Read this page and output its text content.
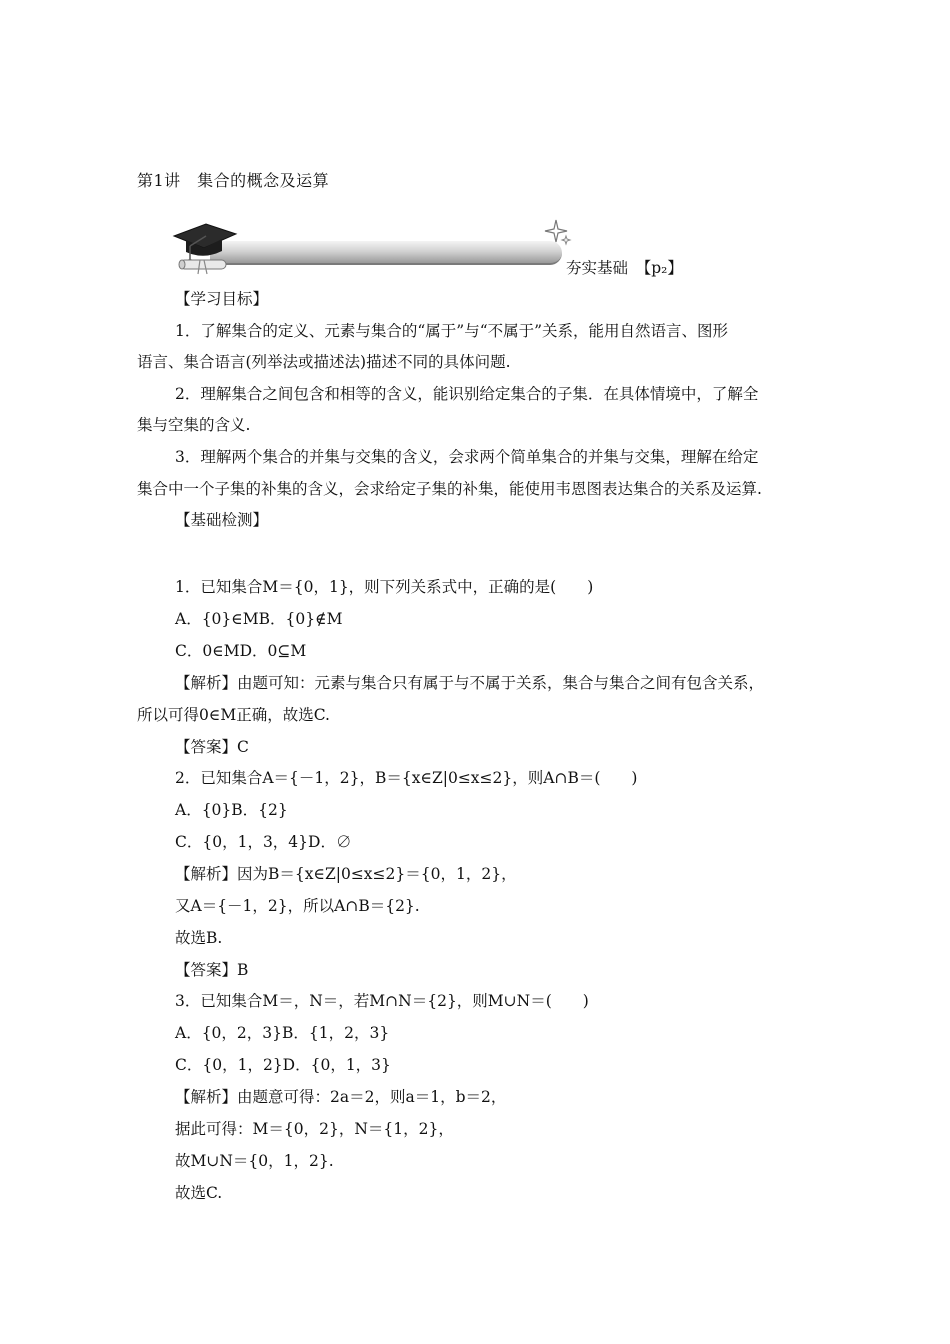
第1讲　集合的概念及运算
夯实基础　【p₂】
【学习目标】
1．了解集合的定义、元素与集合的“属于”与“不属于”关系，能用自然语言、图形
语言、集合语言(列举法或描述法)描述不同的具体问题.
2．理解集合之间包含和相等的含义，能识别给定集合的子集．在具体情境中，了解全
集与空集的含义.
3．理解两个集合的并集与交集的含义，会求两个简单集合的并集与交集，理解在给定
集合中一个子集的补集的含义，会求给定子集的补集，能使用韦恩图表达集合的关系及运算.
【基础检测】
1．已知集合M＝{0，1}，则下列关系式中，正确的是(　　)
A．{0}∈MB．{0}∉M
C．0∈MD．0⊆M
【解析】由题可知：元素与集合只有属于与不属于关系，集合与集合之间有包含关系，
所以可得0∈M正确，故选C.
【答案】C
2．已知集合A＝{－1，2}，B＝{x∈Z|0≤x≤2}，则A∩B＝(　　)
A．{0}B．{2}
C．{0，1，3，4}D．∅
【解析】因为B＝{x∈Z|0≤x≤2}＝{0，1，2}，
又A＝{－1，2}，所以A∩B＝{2}.
故选B.
【答案】B
3．已知集合M＝，N＝，若M∩N＝{2}，则M∪N＝(　　)
A．{0，2，3}B．{1，2，3}
C．{0，1，2}D．{0，1，3}
【解析】由题意可得：2a＝2，则a＝1，b＝2，
据此可得：M＝{0，2}，N＝{1，2}，
故M∪N＝{0，1，2}.
故选C.
